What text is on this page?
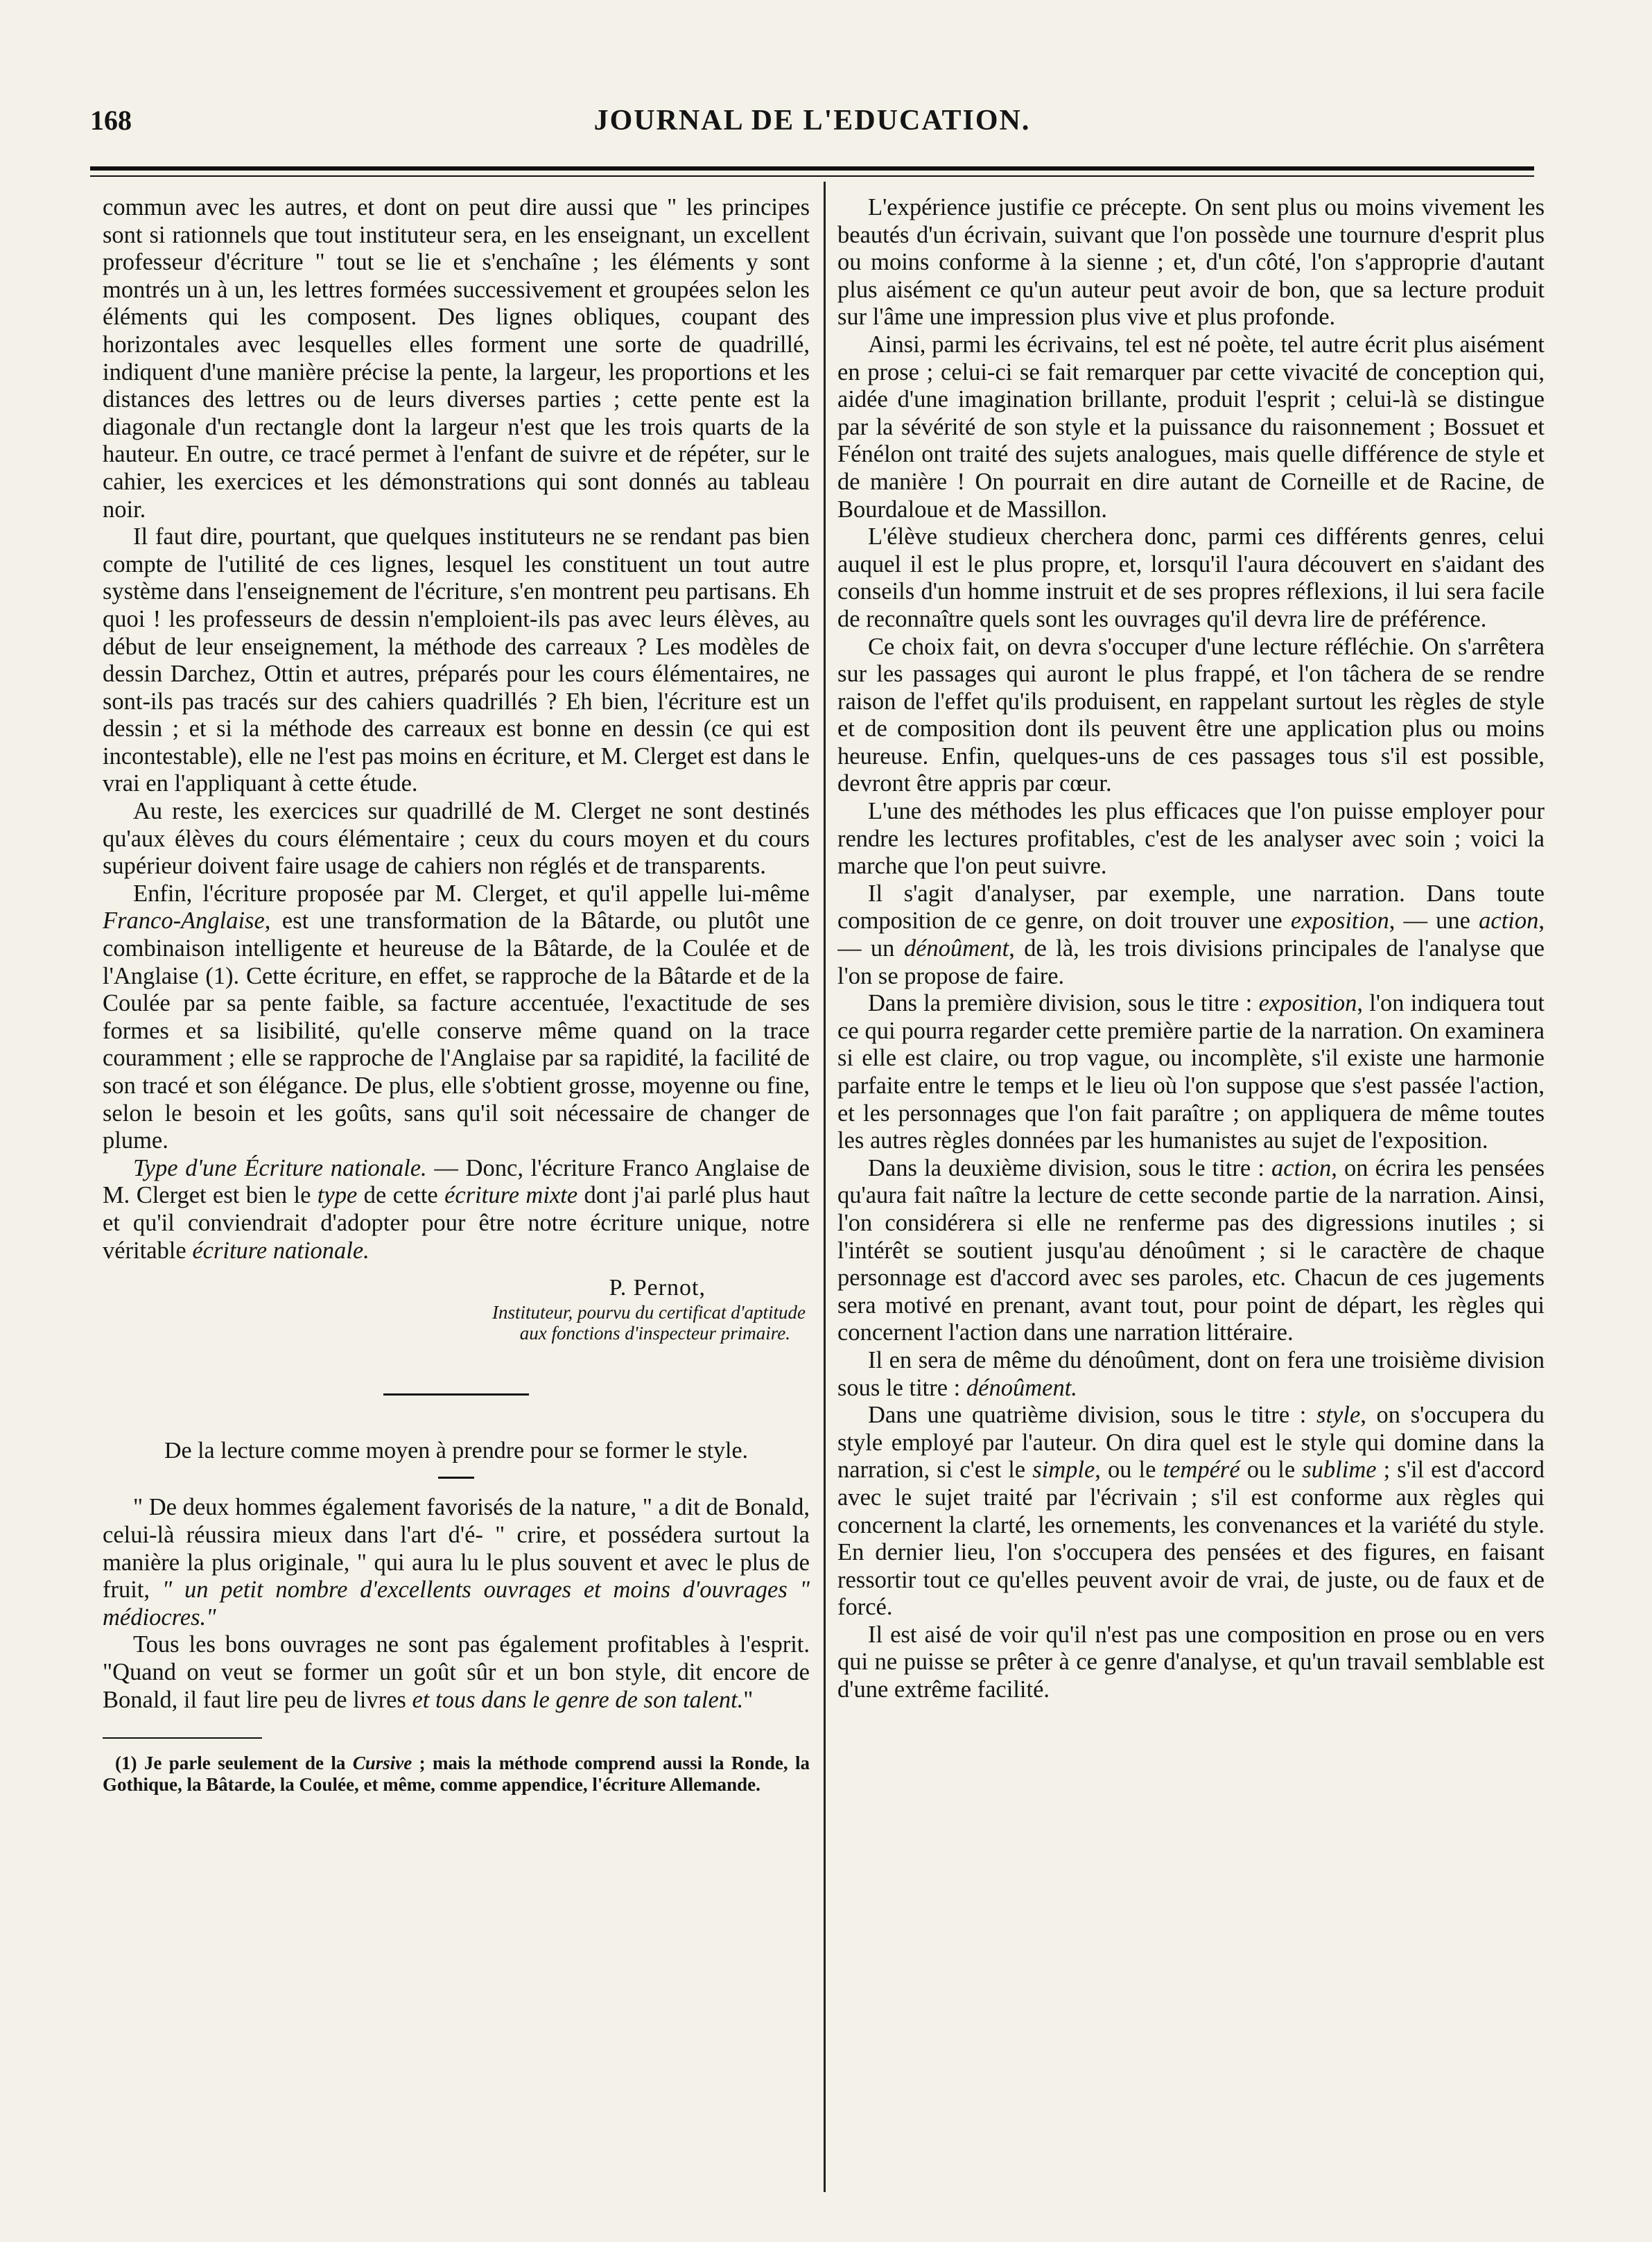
168	JOURNAL DE L'EDUCATION.

commun avec les autres, et dont on peut dire aussi que " les principes sont si rationnels que tout instituteur sera, en les enseignant, un excellent professeur d'écriture " tout se lie et s'enchaîne ; les éléments y sont montrés un à un, les lettres formées successivement et groupées selon les éléments qui les composent. Des lignes obliques, coupant des horizontales avec lesquelles elles forment une sorte de quadrillé, indiquent d'une manière précise la pente, la largeur, les proportions et les distances des lettres ou de leurs diverses parties ; cette pente est la diagonale d'un rectangle dont la largeur n'est que les trois quarts de la hauteur. En outre, ce tracé permet à l'enfant de suivre et de répéter, sur le cahier, les exercices et les démonstrations qui sont donnés au tableau noir.

Il faut dire, pourtant, que quelques instituteurs ne se rendant pas bien compte de l'utilité de ces lignes, lesquel les constituent un tout autre système dans l'enseignement de l'écriture, s'en montrent peu partisans. Eh quoi ! les professeurs de dessin n'emploient-ils pas avec leurs élèves, au début de leur enseignement, la méthode des carreaux ? Les modèles de dessin Darchez, Ottin et autres, préparés pour les cours élémentaires, ne sont-ils pas tracés sur des cahiers quadrillés ? Eh bien, l'écriture est un dessin ; et si la méthode des carreaux est bonne en dessin (ce qui est incontestable), elle ne l'est pas moins en écriture, et M. Clerget est dans le vrai en l'appliquant à cette étude.

Au reste, les exercices sur quadrillé de M. Clerget ne sont destinés qu'aux élèves du cours élémentaire ; ceux du cours moyen et du cours supérieur doivent faire usage de cahiers non réglés et de transparents.

Enfin, l'écriture proposée par M. Clerget, et qu'il appelle lui-même Franco-Anglaise, est une transformation de la Bâtarde, ou plutôt une combinaison intelligente et heureuse de la Bâtarde, de la Coulée et de l'Anglaise (1). Cette écriture, en effet, se rapproche de la Bâtarde et de la Coulée par sa pente faible, sa facture accentuée, l'exactitude de ses formes et sa lisibilité, qu'elle conserve même quand on la trace couramment ; elle se rapproche de l'Anglaise par sa rapidité, la facilité de son tracé et son élégance. De plus, elle s'obtient grosse, moyenne ou fine, selon le besoin et les goûts, sans qu'il soit nécessaire de changer de plume.

Type d'une Écriture nationale. — Donc, l'écriture Franco Anglaise de M. Clerget est bien le type de cette écriture mixte dont j'ai parlé plus haut et qu'il conviendrait d'adopter pour être notre écriture unique, notre véritable écriture nationale.

P. Pernot,
Instituteur, pourvu du certificat d'aptitude
aux fonctions d'inspecteur primaire.
De la lecture comme moyen à prendre pour se former le style.

" De deux hommes également favorisés de la nature, " a dit de Bonald, celui-là réussira mieux dans l'art d'é- " crire, et possédera surtout la manière la plus originale, " qui aura lu le plus souvent et avec le plus de fruit, " un petit nombre d'excellents ouvrages et moins d'ouvrages " médiocres."

Tous les bons ouvrages ne sont pas également profitables à l'esprit. "Quand on veut se former un goût sûr et un bon style, dit encore de Bonald, il faut lire peu de livres et tous dans le genre de son talent."

(1) Je parle seulement de la Cursive ; mais la méthode comprend aussi la Ronde, la Gothique, la Bâtarde, la Coulée, et même, comme appendice, l'écriture Allemande.

L'expérience justifie ce précepte. On sent plus ou moins vivement les beautés d'un écrivain, suivant que l'on possède une tournure d'esprit plus ou moins conforme à la sienne ; et, d'un côté, l'on s'approprie d'autant plus aisément ce qu'un auteur peut avoir de bon, que sa lecture produit sur l'âme une impression plus vive et plus profonde.

Ainsi, parmi les écrivains, tel est né poète, tel autre écrit plus aisément en prose ; celui-ci se fait remarquer par cette vivacité de conception qui, aidée d'une imagination brillante, produit l'esprit ; celui-là se distingue par la sévérité de son style et la puissance du raisonnement ; Bossuet et Fénélon ont traité des sujets analogues, mais quelle différence de style et de manière ! On pourrait en dire autant de Corneille et de Racine, de Bourdaloue et de Massillon.

L'élève studieux cherchera donc, parmi ces différents genres, celui auquel il est le plus propre, et, lorsqu'il l'aura découvert en s'aidant des conseils d'un homme instruit et de ses propres réflexions, il lui sera facile de reconnaître quels sont les ouvrages qu'il devra lire de préférence.

Ce choix fait, on devra s'occuper d'une lecture réfléchie. On s'arrêtera sur les passages qui auront le plus frappé, et l'on tâchera de se rendre raison de l'effet qu'ils produisent, en rappelant surtout les règles de style et de composition dont ils peuvent être une application plus ou moins heureuse. Enfin, quelques-uns de ces passages tous s'il est possible, devront être appris par cœur.

L'une des méthodes les plus efficaces que l'on puisse employer pour rendre les lectures profitables, c'est de les analyser avec soin ; voici la marche que l'on peut suivre.

Il s'agit d'analyser, par exemple, une narration. Dans toute composition de ce genre, on doit trouver une exposition, — une action, — un dénoûment, de là, les trois divisions principales de l'analyse que l'on se propose de faire.

Dans la première division, sous le titre : exposition, l'on indiquera tout ce qui pourra regarder cette première partie de la narration. On examinera si elle est claire, ou trop vague, ou incomplète, s'il existe une harmonie parfaite entre le temps et le lieu où l'on suppose que s'est passée l'action, et les personnages que l'on fait paraître ; on appliquera de même toutes les autres règles données par les humanistes au sujet de l'exposition.

Dans la deuxième division, sous le titre : action, on écrira les pensées qu'aura fait naître la lecture de cette seconde partie de la narration. Ainsi, l'on considérera si elle ne renferme pas des digressions inutiles ; si l'intérêt se soutient jusqu'au dénoûment ; si le caractère de chaque personnage est d'accord avec ses paroles, etc. Chacun de ces jugements sera motivé en prenant, avant tout, pour point de départ, les règles qui concernent l'action dans une narration littéraire.

Il en sera de même du dénoûment, dont on fera une troisième division sous le titre : dénoûment.

Dans une quatrième division, sous le titre : style, on s'occupera du style employé par l'auteur. On dira quel est le style qui domine dans la narration, si c'est le simple, ou le tempéré ou le sublime ; s'il est d'accord avec le sujet traité par l'écrivain ; s'il est conforme aux règles qui concernent la clarté, les ornements, les convenances et la variété du style. En dernier lieu, l'on s'occupera des pensées et des figures, en faisant ressortir tout ce qu'elles peuvent avoir de vrai, de juste, ou de faux et de forcé.

Il est aisé de voir qu'il n'est pas une composition en prose ou en vers qui ne puisse se prêter à ce genre d'analyse, et qu'un travail semblable est d'une extrême facilité.
